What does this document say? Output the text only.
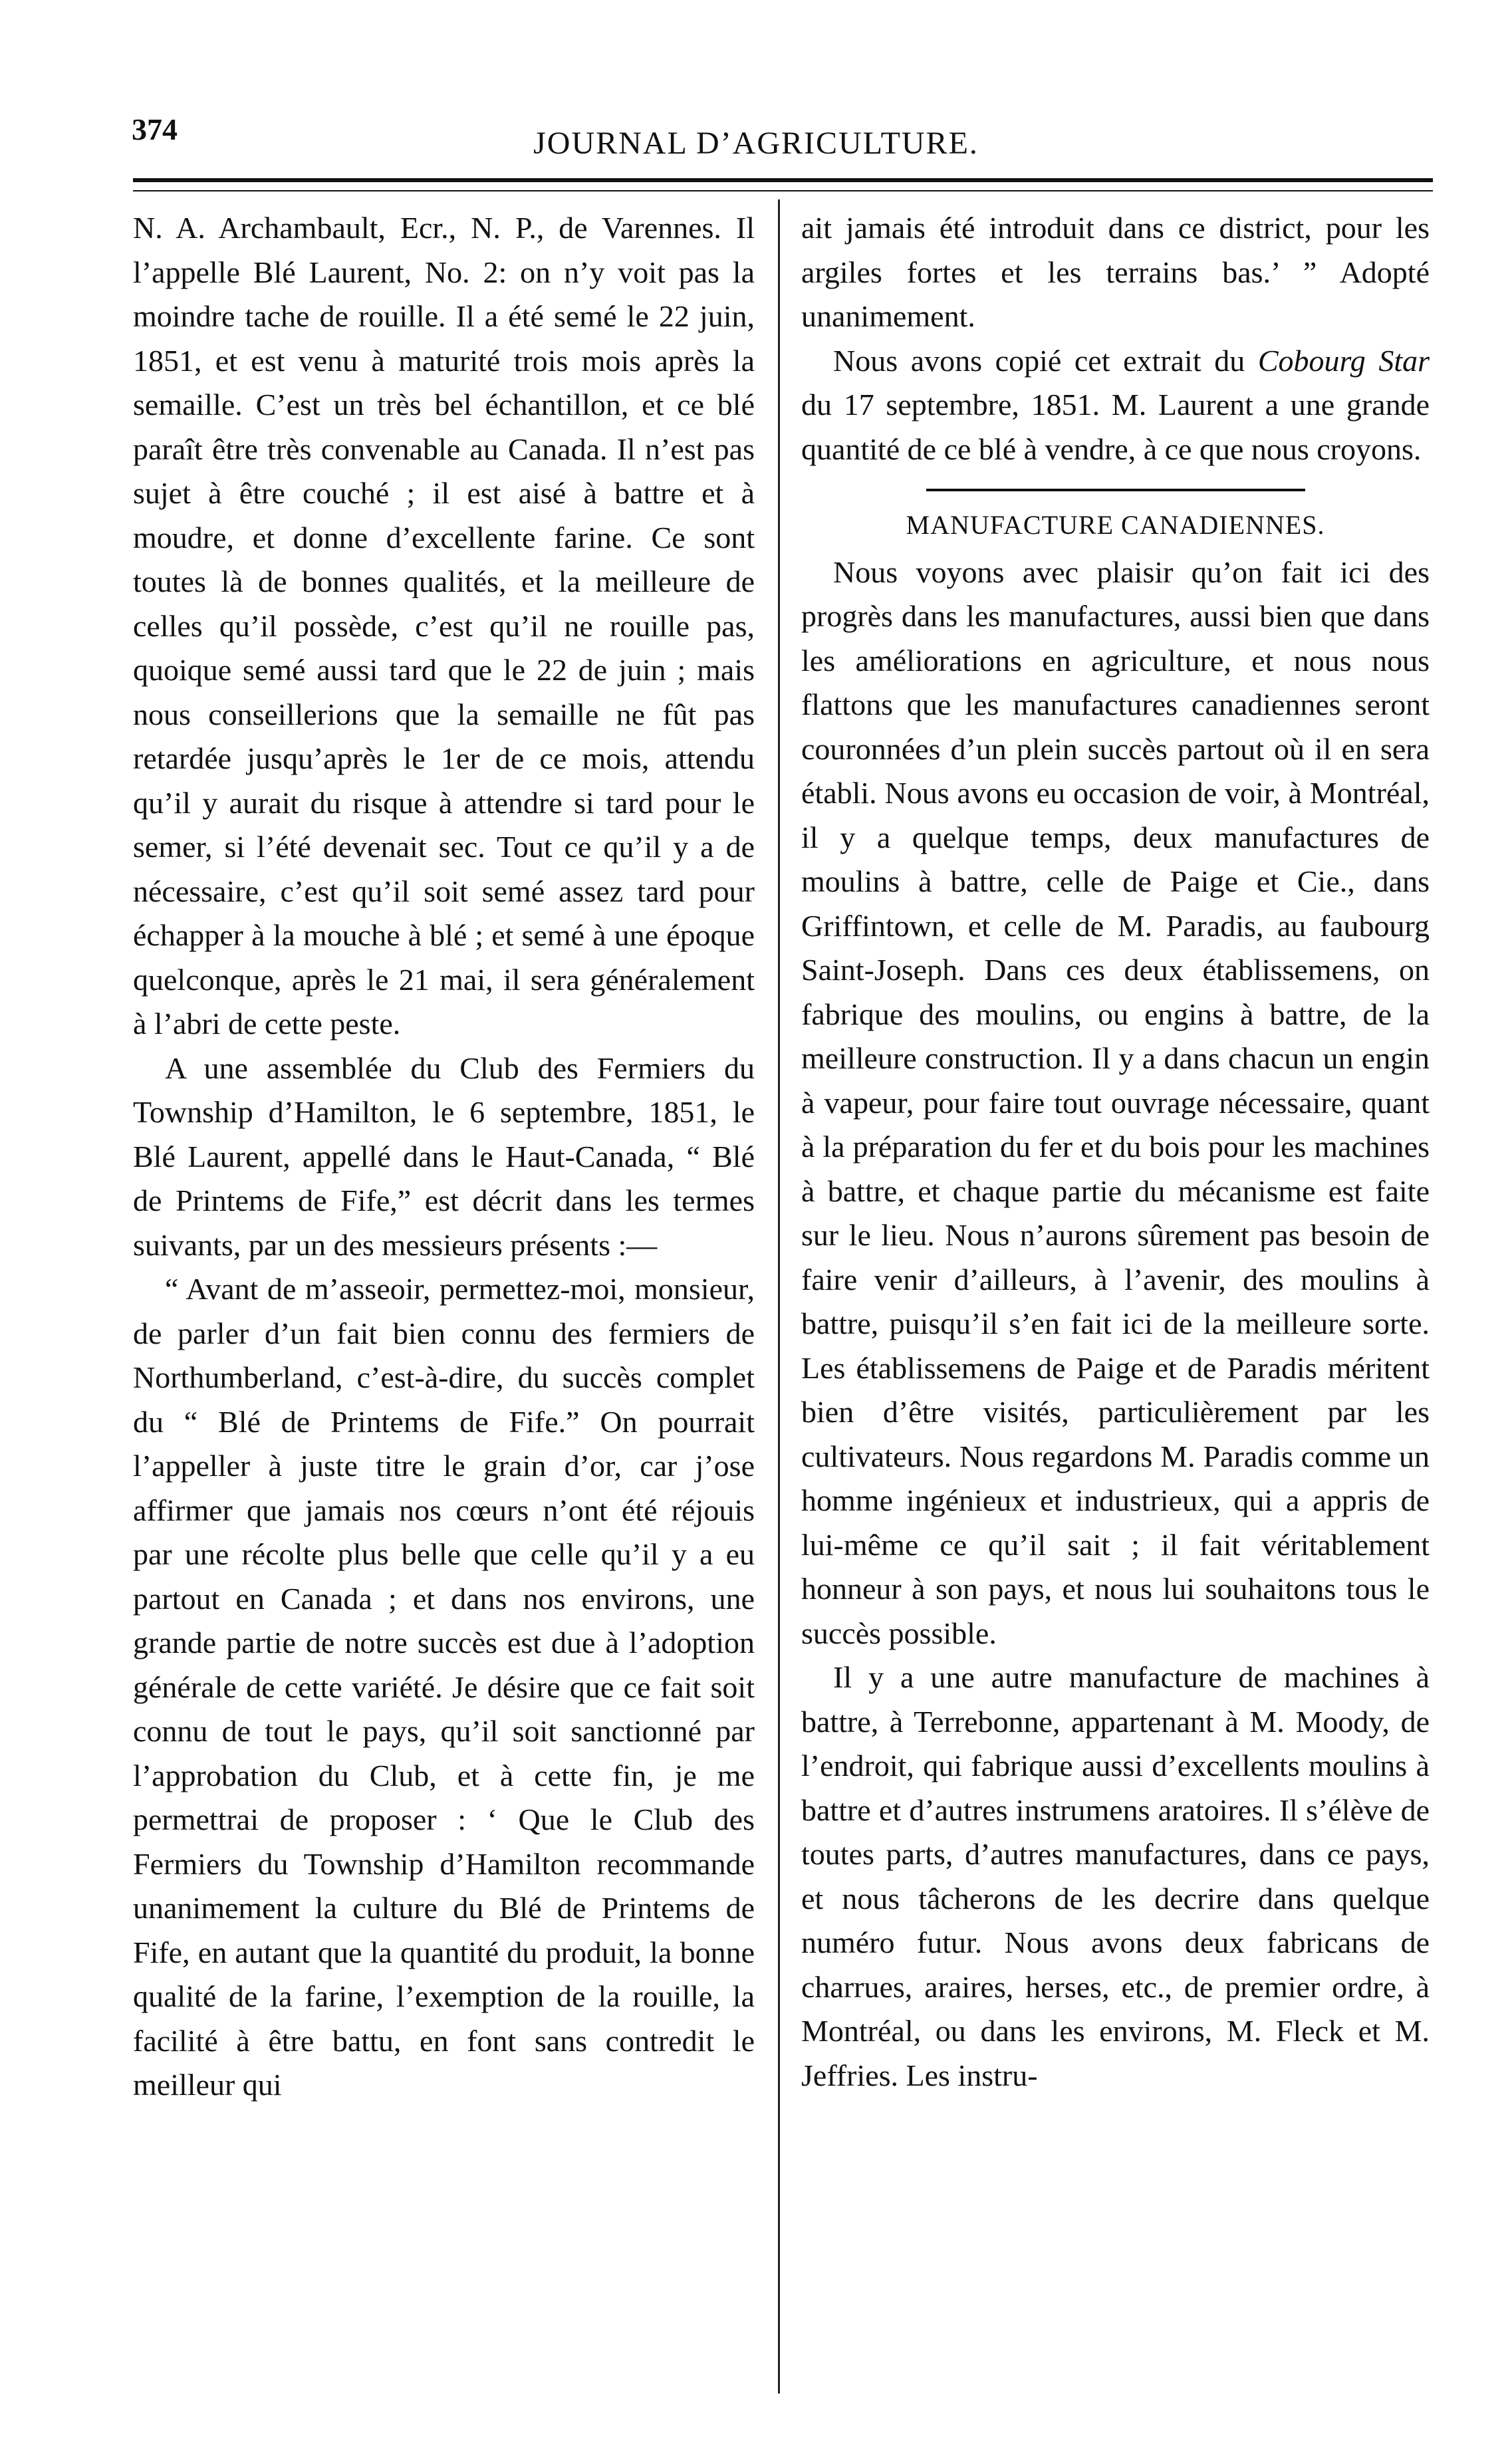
374	JOURNAL D’AGRICULTURE.

N. A. Archambault, Ecr., N. P., de Varennes. Il l’appelle Blé Laurent, No. 2: on n’y voit pas la moindre tache de rouille. Il a été semé le 22 juin, 1851, et est venu à maturité trois mois après la semaille. C’est un très bel échantillon, et ce blé paraît être très convenable au Canada. Il n’est pas sujet à être couché ; il est aisé à battre et à moudre, et donne d’excellente farine. Ce sont toutes là de bonnes qualités, et la meilleure de celles qu’il possède, c’est qu’il ne rouille pas, quoique semé aussi tard que le 22 de juin ; mais nous conseillerions que la semaille ne fût pas retardée jusqu’après le 1er de ce mois, attendu qu’il y aurait du risque à attendre si tard pour le semer, si l’été devenait sec. Tout ce qu’il y a de nécessaire, c’est qu’il soit semé assez tard pour échapper à la mouche à blé ; et semé à une époque quelconque, après le 21 mai, il sera généralement à l’abri de cette peste.

A une assemblée du Club des Fermiers du Township d’Hamilton, le 6 septembre, 1851, le Blé Laurent, appellé dans le Haut-Canada, “ Blé de Printems de Fife,” est décrit dans les termes suivants, par un des messieurs présents :—

“ Avant de m’asseoir, permettez-moi, monsieur, de parler d’un fait bien connu des fermiers de Northumberland, c’est-à-dire, du succès complet du “ Blé de Printems de Fife.” On pourrait l’appeller à juste titre le grain d’or, car j’ose affirmer que jamais nos cœurs n’ont été réjouis par une récolte plus belle que celle qu’il y a eu partout en Canada ; et dans nos environs, une grande partie de notre succès est due à l’adoption générale de cette variété. Je désire que ce fait soit connu de tout le pays, qu’il soit sanctionné par l’approbation du Club, et à cette fin, je me permettrai de proposer : ‘ Que le Club des Fermiers du Township d’Hamilton recommande unanimement la culture du Blé de Printems de Fife, en autant que la quantité du produit, la bonne qualité de la farine, l’exemption de la rouille, la facilité à être battu, en font sans contredit le meilleur qui

ait jamais été introduit dans ce district, pour les argiles fortes et les terrains bas.’ ” Adopté unanimement.

Nous avons copié cet extrait du Cobourg Star du 17 septembre, 1851. M. Laurent a une grande quantité de ce blé à vendre, à ce que nous croyons.

MANUFACTURE CANADIENNES.

Nous voyons avec plaisir qu’on fait ici des progrès dans les manufactures, aussi bien que dans les améliorations en agriculture, et nous nous flattons que les manufactures canadiennes seront couronnées d’un plein succès partout où il en sera établi. Nous avons eu occasion de voir, à Montréal, il y a quelque temps, deux manufactures de moulins à battre, celle de Paige et Cie., dans Griffintown, et celle de M. Paradis, au faubourg Saint-Joseph. Dans ces deux établissemens, on fabrique des moulins, ou engins à battre, de la meilleure construction. Il y a dans chacun un engin à vapeur, pour faire tout ouvrage nécessaire, quant à la préparation du fer et du bois pour les machines à battre, et chaque partie du mécanisme est faite sur le lieu. Nous n’aurons sûrement pas besoin de faire venir d’ailleurs, à l’avenir, des moulins à battre, puisqu’il s’en fait ici de la meilleure sorte. Les établissemens de Paige et de Paradis méritent bien d’être visités, particulièrement par les cultivateurs. Nous regardons M. Paradis comme un homme ingénieux et industrieux, qui a appris de lui-même ce qu’il sait ; il fait véritablement honneur à son pays, et nous lui souhaitons tous le succès possible.

Il y a une autre manufacture de machines à battre, à Terrebonne, appartenant à M. Moody, de l’endroit, qui fabrique aussi d’excellents moulins à battre et d’autres instrumens aratoires. Il s’élève de toutes parts, d’autres manufactures, dans ce pays, et nous tâcherons de les decrire dans quelque numéro futur. Nous avons deux fabricans de charrues, araires, herses, etc., de premier ordre, à Montréal, ou dans les environs, M. Fleck et M. Jeffries. Les instru-
